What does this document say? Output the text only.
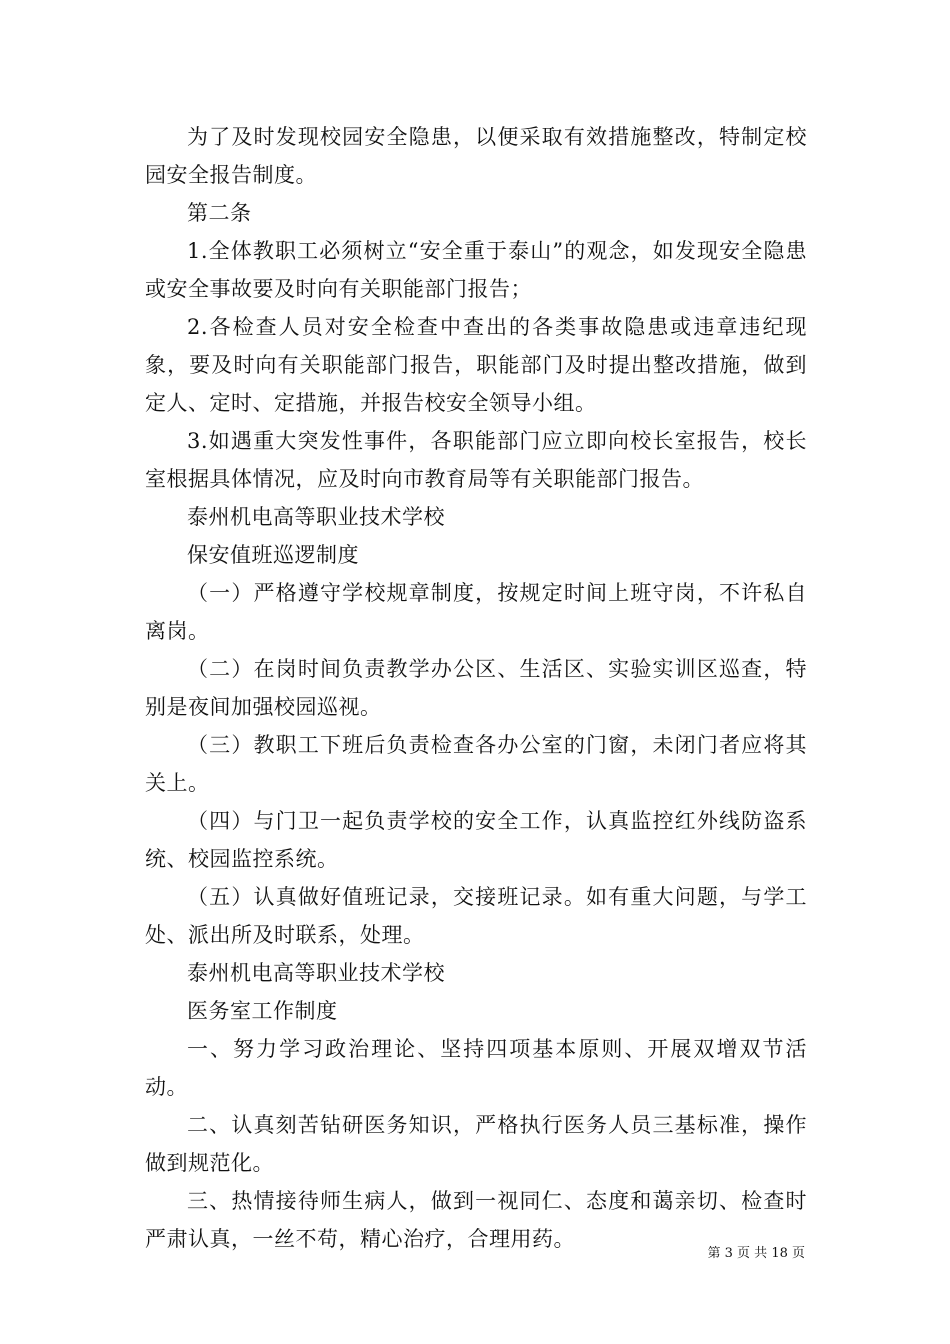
为了及时发现校园安全隐患，以便采取有效措施整改，特制定校园安全报告制度。

第二条

1.全体教职工必须树立“安全重于泰山”的观念，如发现安全隐患或安全事故要及时向有关职能部门报告；

2.各检查人员对安全检查中查出的各类事故隐患或违章违纪现象，要及时向有关职能部门报告，职能部门及时提出整改措施，做到定人、定时、定措施，并报告校安全领导小组。

3.如遇重大突发性事件，各职能部门应立即向校长室报告，校长室根据具体情况，应及时向市教育局等有关职能部门报告。

泰州机电高等职业技术学校

保安值班巡逻制度

（一）严格遵守学校规章制度，按规定时间上班守岗，不许私自离岗。

（二）在岗时间负责教学办公区、生活区、实验实训区巡查，特别是夜间加强校园巡视。

（三）教职工下班后负责检查各办公室的门窗，未闭门者应将其关上。

（四）与门卫一起负责学校的安全工作，认真监控红外线防盗系统、校园监控系统。

（五）认真做好值班记录，交接班记录。如有重大问题，与学工处、派出所及时联系，处理。

泰州机电高等职业技术学校

医务室工作制度

一、努力学习政治理论、坚持四项基本原则、开展双增双节活动。

二、认真刻苦钻研医务知识，严格执行医务人员三基标准，操作做到规范化。

三、热情接待师生病人，做到一视同仁、态度和蔼亲切、检查时严肃认真，一丝不苟，精心治疗，合理用药。

第 3 页 共 18 页
